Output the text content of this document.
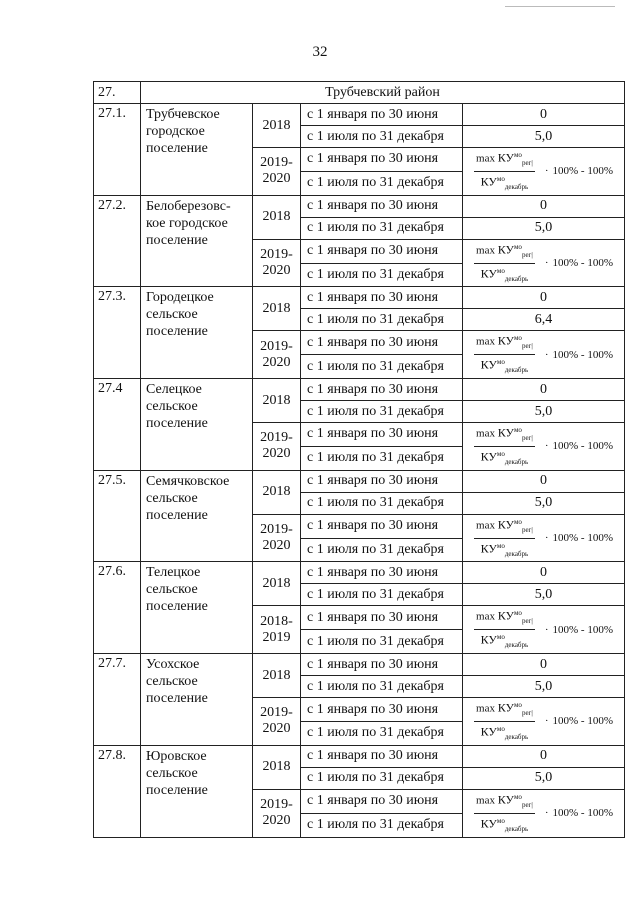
32
27.	Трубчевский район			
27.1.	Трубчевское городское поселение	2018	с 1 января по 30 июня	0
			с 1 июля по 31 декабря	5,0
		2019-2020	с 1 января по 30 июня	$\frac{\max КУ^{мо}_{рег|}}{КУ^{мо}_{декабрь}} \cdot 100\% - 100\%$

			с 1 июля по 31 декабря	
27.2.	Белоберезовс-кое городское поселение	2018	с 1 января по 30 июня	0
			с 1 июля по 31 декабря	5,0
		2019-2020	с 1 января по 30 июня	$\frac{\max КУ^{мо}_{рег|}}{КУ^{мо}_{декабрь}} \cdot 100\% - 100\%$

			с 1 июля по 31 декабря	
27.3.	Городецкое сельское поселение	2018	с 1 января по 30 июня	0
			с 1 июля по 31 декабря	6,4
		2019-2020	с 1 января по 30 июня	$\frac{\max КУ^{мо}_{рег|}}{КУ^{мо}_{декабрь}} \cdot 100\% - 100\%$

			с 1 июля по 31 декабря	
27.4	Селецкое сельское поселение	2018	с 1 января по 30 июня	0
			с 1 июля по 31 декабря	5,0
		2019-2020	с 1 января по 30 июня	$\frac{\max КУ^{мо}_{рег|}}{КУ^{мо}_{декабрь}} \cdot 100\% - 100\%$

			с 1 июля по 31 декабря	
27.5.	Семячковское сельское поселение	2018	с 1 января по 30 июня	0
			с 1 июля по 31 декабря	5,0
		2019-2020	с 1 января по 30 июня	$\frac{\max КУ^{мо}_{рег|}}{КУ^{мо}_{декабрь}} \cdot 100\% - 100\%$

			с 1 июля по 31 декабря	
27.6.	Телецкое сельское поселение	2018	с 1 января по 30 июня	0
			с 1 июля по 31 декабря	5,0
		2018-2019	с 1 января по 30 июня	$\frac{\max КУ^{мо}_{рег|}}{КУ^{мо}_{декабрь}} \cdot 100\% - 100\%$

			с 1 июля по 31 декабря	
27.7.	Усохское сельское поселение	2018	с 1 января по 30 июня	0
			с 1 июля по 31 декабря	5,0
		2019-2020	с 1 января по 30 июня	$\frac{\max КУ^{мо}_{рег|}}{КУ^{мо}_{декабрь}} \cdot 100\% - 100\%$

			с 1 июля по 31 декабря	
27.8.	Юровское сельское поселение	2018	с 1 января по 30 июня	0
			с 1 июля по 31 декабря	5,0
		2019-2020	с 1 января по 30 июня	$\frac{\max КУ^{мо}_{рег|}}{КУ^{мо}_{декабрь}} \cdot 100\% - 100\%$

			с 1 июля по 31 декабря	
